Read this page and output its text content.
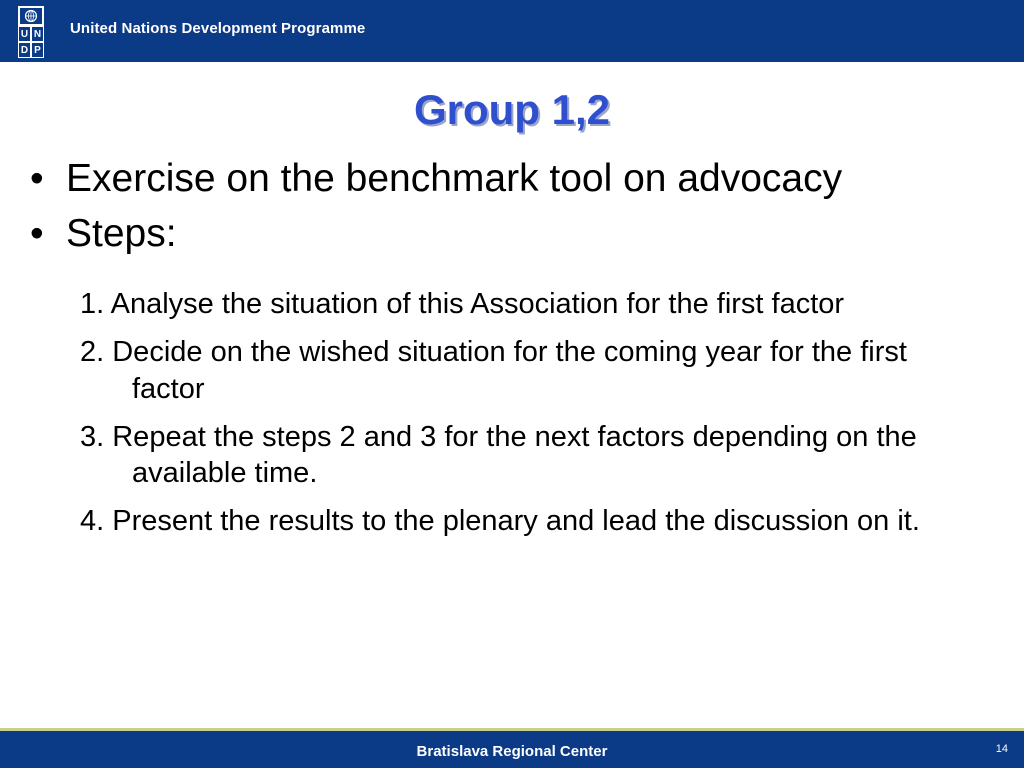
U N
D P
United Nations Development Programme
Group 1,2
• Exercise on the benchmark tool on advocacy
• Steps:
1. Analyse the situation of this Association for the first factor
2. Decide on the wished situation for the coming year for the first factor
3. Repeat the steps 2 and 3 for the next factors depending on the available time.
4. Present the results to the plenary and lead the discussion on it.
Bratislava Regional Center	14
